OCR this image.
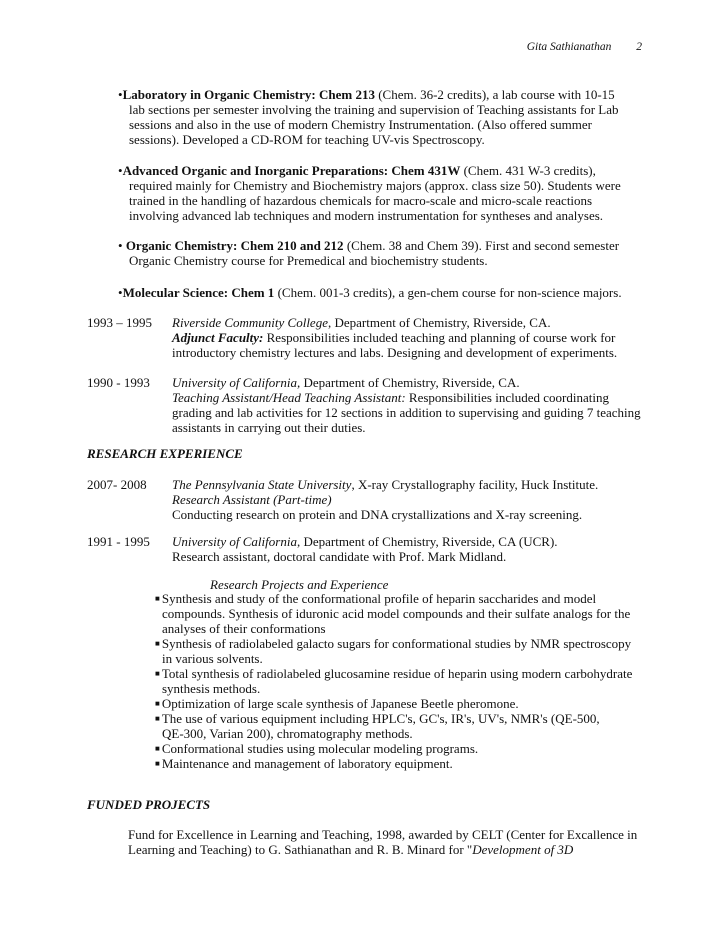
Gita Sathianathan 2

•Laboratory in Organic Chemistry: Chem 213 (Chem. 36-2 credits), a lab course with 10-15

lab sections per semester involving the training and supervision of Teaching assistants for Lab

sessions and also in the use of modern Chemistry Instrumentation. (Also offered summer

sessions). Developed a CD-ROM for teaching UV-vis Spectroscopy.

•Advanced Organic and Inorganic Preparations: Chem 431W (Chem. 431 W-3 credits),

required mainly for Chemistry and Biochemistry majors (approx. class size 50). Students were

trained in the handling of hazardous chemicals for macro-scale and micro-scale reactions

involving advanced lab techniques and modern instrumentation for syntheses and analyses.

• Organic Chemistry: Chem 210 and 212 (Chem. 38 and Chem 39). First and second semester

Organic Chemistry course for Premedical and biochemistry students.

•Molecular Science: Chem 1 (Chem. 001-3 credits), a gen-chem course for non-science majors.

1993 – 1995 Riverside Community College, Department of Chemistry, Riverside, CA.

Adjunct Faculty: Responsibilities included teaching and planning of course work for

introductory chemistry lectures and labs. Designing and development of experiments.

1990 - 1993 University of California, Department of Chemistry, Riverside, CA.

Teaching Assistant/Head Teaching Assistant: Responsibilities included coordinating

grading and lab activities for 12 sections in addition to supervising and guiding 7 teaching

assistants in carrying out their duties.

RESEARCH EXPERIENCE
2007- 2008 The Pennsylvania State University, X-ray Crystallography facility, Huck Institute.

Research Assistant (Part-time)

Conducting research on protein and DNA crystallizations and X-ray screening.

1991 - 1995 University of California, Department of Chemistry, Riverside, CA (UCR).

Research assistant, doctoral candidate with Prof. Mark Midland.

Research Projects and Experience

■ Synthesis and study of the conformational profile of heparin saccharides and model

compounds. Synthesis of iduronic acid model compounds and their sulfate analogs for the

analyses of their conformations

■ Synthesis of radiolabeled galacto sugars for conformational studies by NMR spectroscopy

in various solvents.

■ Total synthesis of radiolabeled glucosamine residue of heparin using modern carbohydrate

synthesis methods.

■ Optimization of large scale synthesis of Japanese Beetle pheromone.

■ The use of various equipment including HPLC's, GC's, IR's, UV's, NMR's (QE-500,

QE-300, Varian 200), chromatography methods.

■ Conformational studies using molecular modeling programs.

■ Maintenance and management of laboratory equipment.

FUNDED PROJECTS

Fund for Excellence in Learning and Teaching, 1998, awarded by CELT (Center for Excallence in

Learning and Teaching) to G. Sathianathan and R. B. Minard for "Development of 3D
